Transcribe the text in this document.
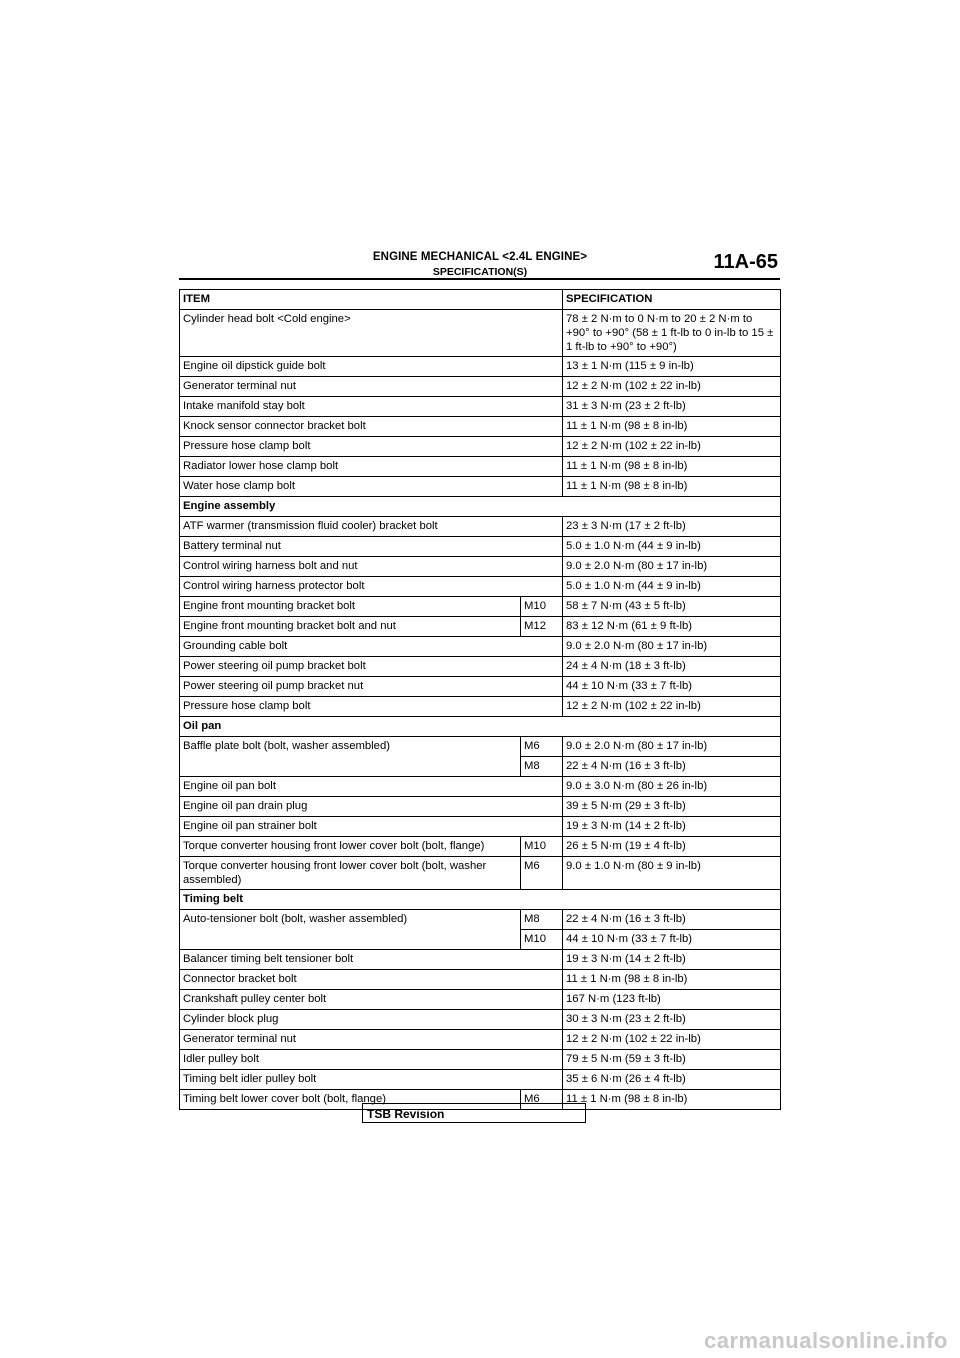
ENGINE MECHANICAL <2.4L ENGINE>
SPECIFICATION(S)	11A-65
ITEM		SPECIFICATION
Cylinder head bolt <Cold engine>		78 ± 2 N·m to 0 N·m to 20 ± 2 N·m to +90° to +90° (58 ± 1 ft-lb to 0 in-lb to 15 ± 1 ft-lb to +90° to +90°)
Engine oil dipstick guide bolt		13 ± 1 N·m (115 ± 9 in-lb)
Generator terminal nut		12 ± 2 N·m (102 ± 22 in-lb)
Intake manifold stay bolt		31 ± 3 N·m (23 ± 2 ft-lb)
Knock sensor connector bracket bolt		11 ± 1 N·m (98 ± 8 in-lb)
Pressure hose clamp bolt		12 ± 2 N·m (102 ± 22 in-lb)
Radiator lower hose clamp bolt		11 ± 1 N·m (98 ± 8 in-lb)
Water hose clamp bolt		11 ± 1 N·m (98 ± 8 in-lb)
Engine assembly		
ATF warmer (transmission fluid cooler) bracket bolt		23 ± 3 N·m (17 ± 2 ft-lb)
Battery terminal nut		5.0 ± 1.0 N·m (44 ± 9 in-lb)
Control wiring harness bolt and nut		9.0 ± 2.0 N·m (80 ± 17 in-lb)
Control wiring harness protector bolt		5.0 ± 1.0 N·m (44 ± 9 in-lb)
Engine front mounting bracket bolt	M10	58 ± 7 N·m (43 ± 5 ft-lb)
Engine front mounting bracket bolt and nut	M12	83 ± 12 N·m (61 ± 9 ft-lb)
Grounding cable bolt		9.0 ± 2.0 N·m (80 ± 17 in-lb)
Power steering oil pump bracket bolt		24 ± 4 N·m (18 ± 3 ft-lb)
Power steering oil pump bracket nut		44 ± 10 N·m (33 ± 7 ft-lb)
Pressure hose clamp bolt		12 ± 2 N·m (102 ± 22 in-lb)
Oil pan		
Baffle plate bolt (bolt, washer assembled)	M6	9.0 ± 2.0 N·m (80 ± 17 in-lb)
	M8	22 ± 4 N·m (16 ± 3 ft-lb)
Engine oil pan bolt		9.0 ± 3.0 N·m (80 ± 26 in-lb)
Engine oil pan drain plug		39 ± 5 N·m (29 ± 3 ft-lb)
Engine oil pan strainer bolt		19 ± 3 N·m (14 ± 2 ft-lb)
Torque converter housing front lower cover bolt (bolt, flange)	M10	26 ± 5 N·m (19 ± 4 ft-lb)
Torque converter housing front lower cover bolt (bolt, washer assembled)	M6	9.0 ± 1.0 N·m (80 ± 9 in-lb)
Timing belt		
Auto-tensioner bolt (bolt, washer assembled)	M8	22 ± 4 N·m (16 ± 3 ft-lb)
	M10	44 ± 10 N·m (33 ± 7 ft-lb)
Balancer timing belt tensioner bolt		19 ± 3 N·m (14 ± 2 ft-lb)
Connector bracket bolt		11 ± 1 N·m (98 ± 8 in-lb)
Crankshaft pulley center bolt		167 N·m (123 ft-lb)
Cylinder block plug		30 ± 3 N·m (23 ± 2 ft-lb)
Generator terminal nut		12 ± 2 N·m (102 ± 22 in-lb)
Idler pulley bolt		79 ± 5 N·m (59 ± 3 ft-lb)
Timing belt idler pulley bolt		35 ± 6 N·m (26 ± 4 ft-lb)
Timing belt lower cover bolt (bolt, flange)	M6	11 ± 1 N·m (98 ± 8 in-lb)
TSB Revision
carmanualsonline.info
